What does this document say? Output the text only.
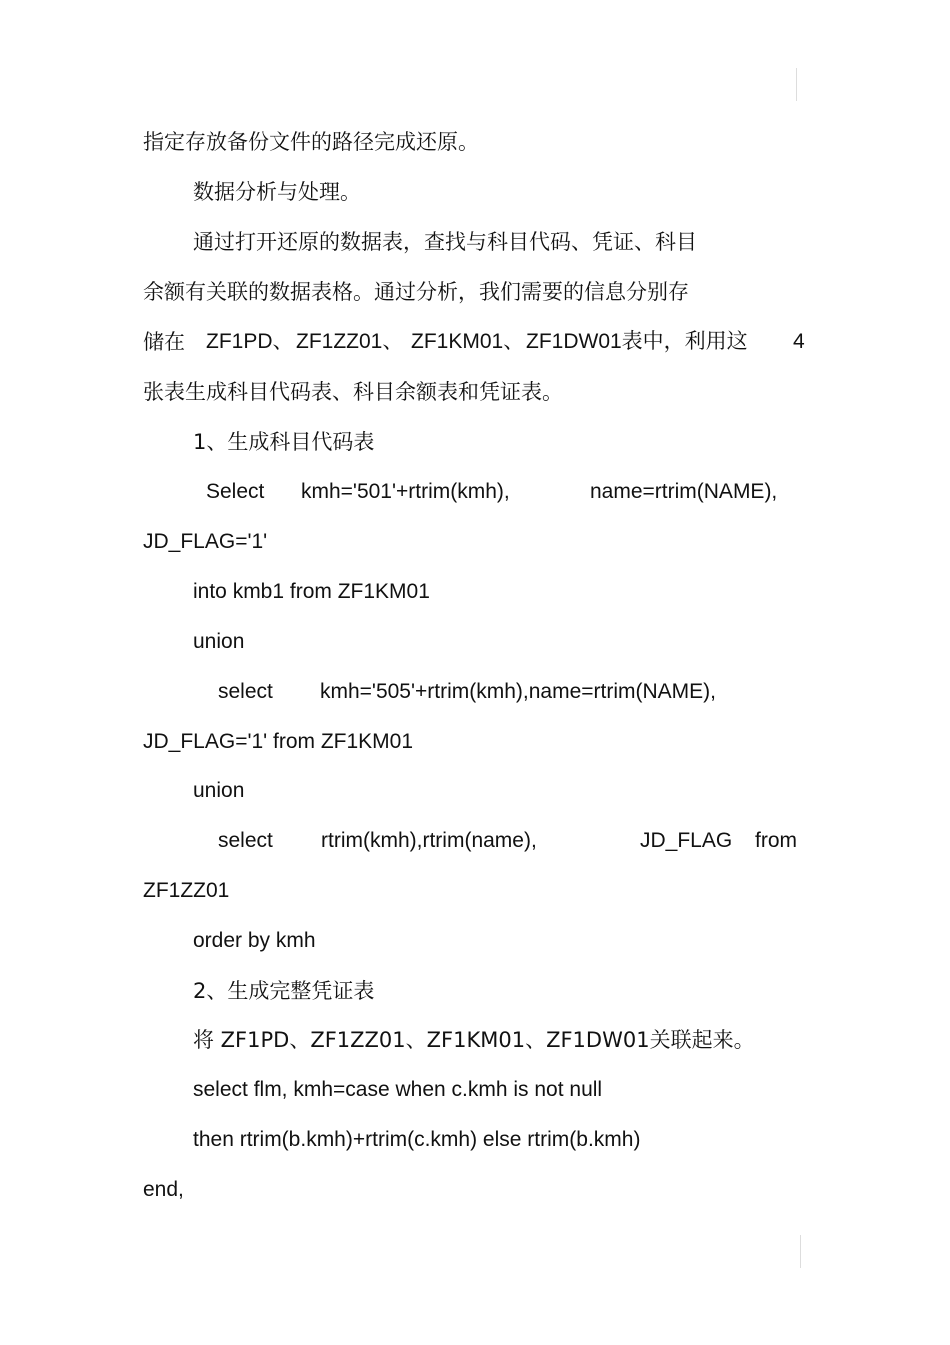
指定存放备份文件的路径完成还原。
数据分析与处理。
通过打开还原的数据表，查找与科目代码、凭证、科目
余额有关联的数据表格。通过分析，我们需要的信息分别存
储在 ZF1PD、 ZF1ZZ01、 ZF1KM01、 ZF1DW01表中，利用这 4
张表生成科目代码表、科目余额表和凭证表。
1、生成科目代码表
Select kmh='501'+rtrim(kmh),	name=rtrim(NAME),
JD_FLAG='1'
into kmb1 from ZF1KM01
union
select kmh='505'+rtrim(kmh),name=rtrim(NAME),
JD_FLAG='1' from ZF1KM01
union
select rtrim(kmh),rtrim(name),	JD_FLAG from
ZF1ZZ01
order by kmh
2、生成完整凭证表
将 ZF1PD、ZF1ZZ01、ZF1KM01、ZF1DW01关联起来。
select flm, kmh=case when c.kmh is not null
then rtrim(b.kmh)+rtrim(c.kmh) else rtrim(b.kmh)
end,
